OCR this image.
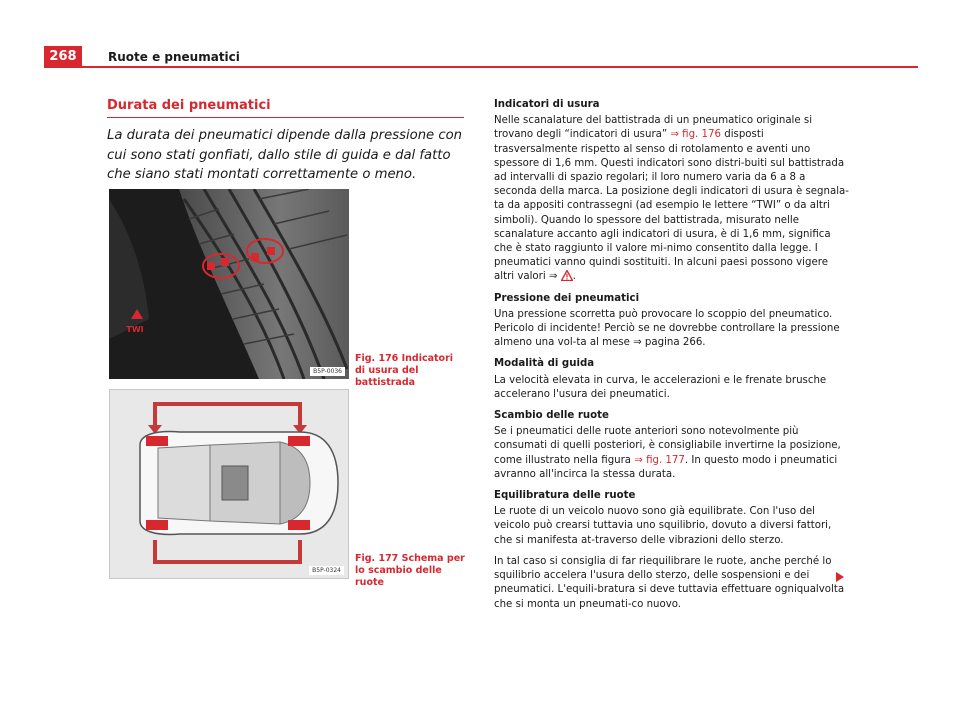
268	Ruote e pneumatici
Durata dei pneumatici
La durata dei pneumatici dipende dalla pressione con cui sono stati gonfiati, dallo stile di guida e dal fatto che siano stati montati correttamente o meno.
TWI
B5P-0036
Fig. 176 Indicatori di usura del battistrada
B5P-0324
Fig. 177 Schema per lo scambio delle ruote

Indicatori di usura

Nelle scanalature del battistrada di un pneumatico originale si trovano degli “indicatori di usura” ⇒ fig. 176 disposti trasversalmente rispetto al senso di rotolamento e aventi uno spessore di 1,6 mm. Questi indicatori sono distri-buiti sul battistrada ad intervalli di spazio regolari; il loro numero varia da 6 a 8 a seconda della marca. La posizione degli indicatori di usura è segnala-ta da appositi contrassegni (ad esempio le lettere “TWI” o da altri simboli). Quando lo spessore del battistrada, misurato nelle scanalature accanto agli indicatori di usura, è di 1,6 mm, significa che è stato raggiunto il valore mi-nimo consentito dalla legge. I pneumatici vanno quindi sostituiti. In alcuni paesi possono vigere altri valori ⇒ .

Pressione dei pneumatici

Una pressione scorretta può provocare lo scoppio del pneumatico. Pericolo di incidente! Perciò se ne dovrebbe controllare la pressione almeno una vol-ta al mese ⇒ pagina 266.

Modalità di guida

La velocità elevata in curva, le accelerazioni e le frenate brusche accelerano l'usura dei pneumatici.

Scambio delle ruote

Se i pneumatici delle ruote anteriori sono notevolmente più consumati di quelli posteriori, è consigliabile invertirne la posizione, come illustrato nella figura ⇒ fig. 177. In questo modo i pneumatici avranno all'incirca la stessa durata.

Equilibratura delle ruote

Le ruote di un veicolo nuovo sono già equilibrate. Con l'uso del veicolo può crearsi tuttavia uno squilibrio, dovuto a diversi fattori, che si manifesta at-traverso delle vibrazioni dello sterzo.

In tal caso si consiglia di far riequilibrare le ruote, anche perché lo squilibrio accelera l'usura dello sterzo, delle sospensioni e dei pneumatici. L'equili-bratura si deve tuttavia effettuare ogniqualvolta che si monta un pneumati-co nuovo.
